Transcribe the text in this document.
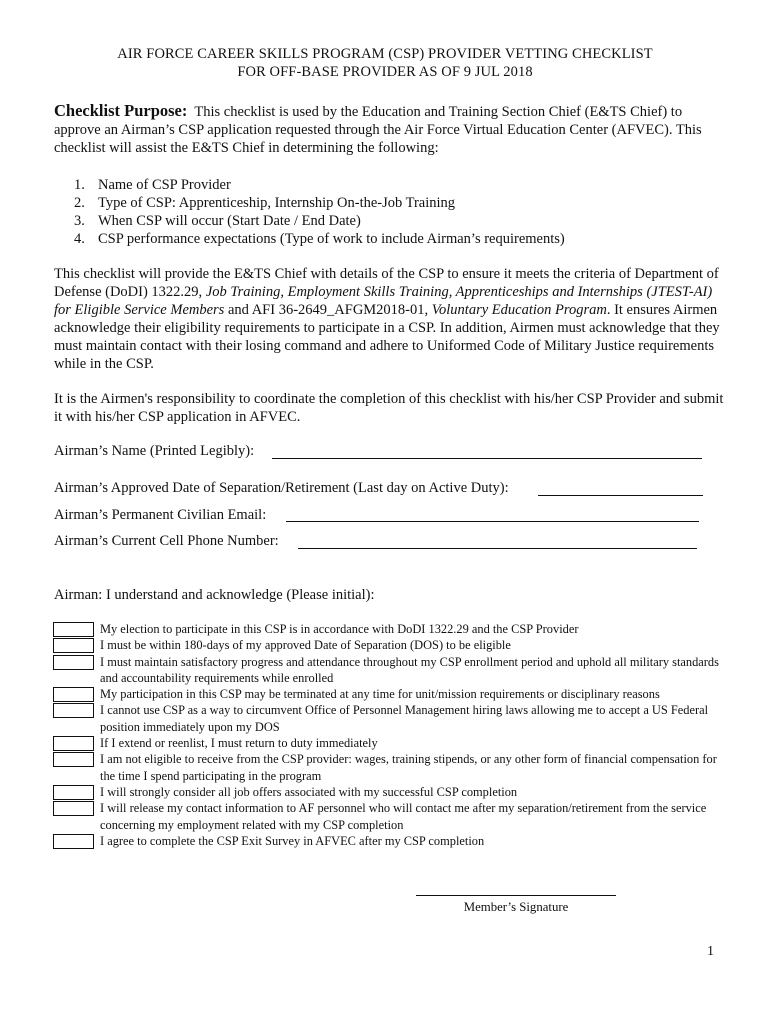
AIR FORCE CAREER SKILLS PROGRAM (CSP) PROVIDER VETTING CHECKLIST
FOR OFF-BASE PROVIDER AS OF 9 JUL 2018
Checklist Purpose: This checklist is used by the Education and Training Section Chief (E&TS Chief) to approve an Airman’s CSP application requested through the Air Force Virtual Education Center (AFVEC). This checklist will assist the E&TS Chief in determining the following:
1. Name of CSP Provider
2. Type of CSP: Apprenticeship, Internship On-the-Job Training
3. When CSP will occur (Start Date / End Date)
4. CSP performance expectations (Type of work to include Airman’s requirements)
This checklist will provide the E&TS Chief with details of the CSP to ensure it meets the criteria of Department of Defense (DoDI) 1322.29, Job Training, Employment Skills Training, Apprenticeships and Internships (JTEST-AI) for Eligible Service Members and AFI 36-2649_AFGM2018-01, Voluntary Education Program. It ensures Airmen acknowledge their eligibility requirements to participate in a CSP. In addition, Airmen must acknowledge that they must maintain contact with their losing command and adhere to Uniformed Code of Military Justice requirements while in the CSP.
It is the Airmen's responsibility to coordinate the completion of this checklist with his/her CSP Provider and submit it with his/her CSP application in AFVEC.
Airman’s Name (Printed Legibly):
Airman’s Approved Date of Separation/Retirement (Last day on Active Duty):
Airman’s Permanent Civilian Email:
Airman’s Current Cell Phone Number:
Airman: I understand and acknowledge (Please initial):
My election to participate in this CSP is in accordance with DoDI 1322.29 and the CSP Provider
I must be within 180-days of my approved Date of Separation (DOS) to be eligible
I must maintain satisfactory progress and attendance throughout my CSP enrollment period and uphold all military standards and accountability requirements while enrolled
My participation in this CSP may be terminated at any time for unit/mission requirements or disciplinary reasons
I cannot use CSP as a way to circumvent Office of Personnel Management hiring laws allowing me to accept a US Federal position immediately upon my DOS
If I extend or reenlist, I must return to duty immediately
I am not eligible to receive from the CSP provider: wages, training stipends, or any other form of financial compensation for the time I spend participating in the program
I will strongly consider all job offers associated with my successful CSP completion
I will release my contact information to AF personnel who will contact me after my separation/retirement from the service concerning my employment related with my CSP completion
I agree to complete the CSP Exit Survey in AFVEC after my CSP completion
Member’s Signature
1
